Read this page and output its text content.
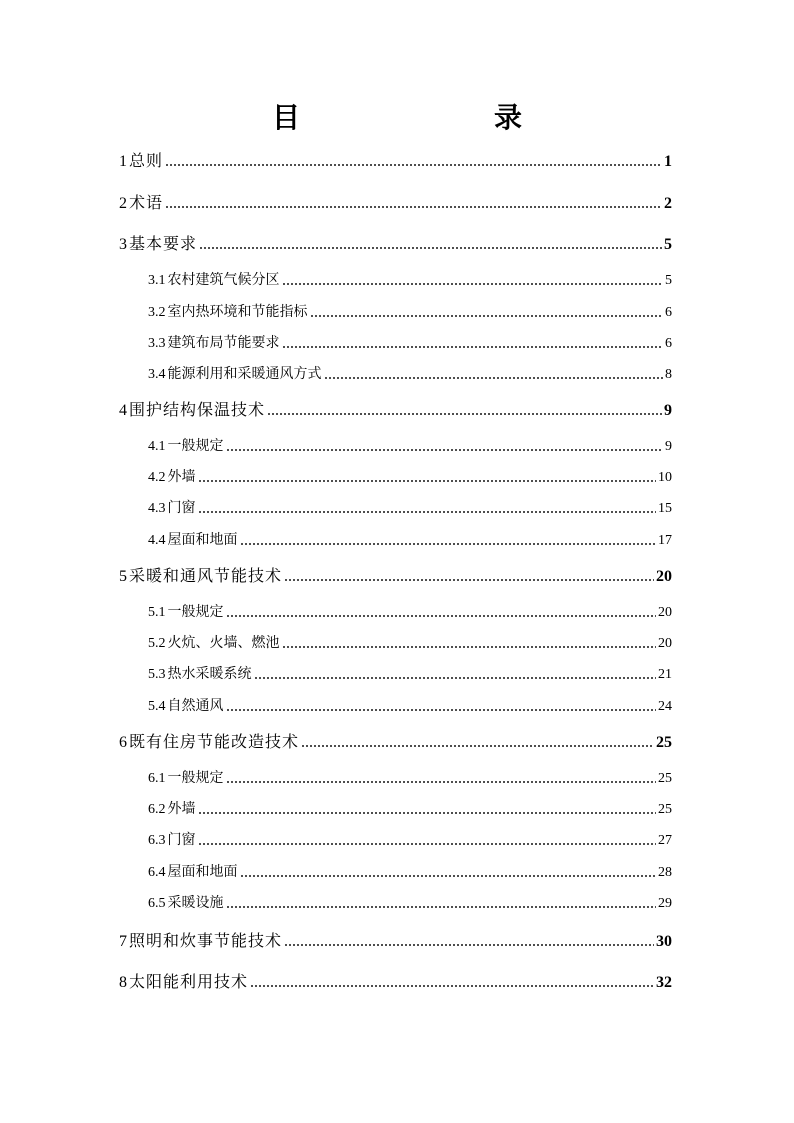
目　　录
1 总则	1
2 术语	2
3 基本要求	5
3.1 农村建筑气候分区	5
3.2 室内热环境和节能指标	6
3.3 建筑布局节能要求	6
3.4 能源利用和采暖通风方式	8
4 围护结构保温技术	9
4.1 一般规定	9
4.2 外墙	10
4.3 门窗	15
4.4 屋面和地面	17
5 采暖和通风节能技术	20
5.1 一般规定	20
5.2 火炕、火墙、燃池	20
5.3 热水采暖系统	21
5.4 自然通风	24
6 既有住房节能改造技术	25
6.1 一般规定	25
6.2 外墙	25
6.3 门窗	27
6.4 屋面和地面	28
6.5 采暖设施	29
7 照明和炊事节能技术	30
8 太阳能利用技术	32
